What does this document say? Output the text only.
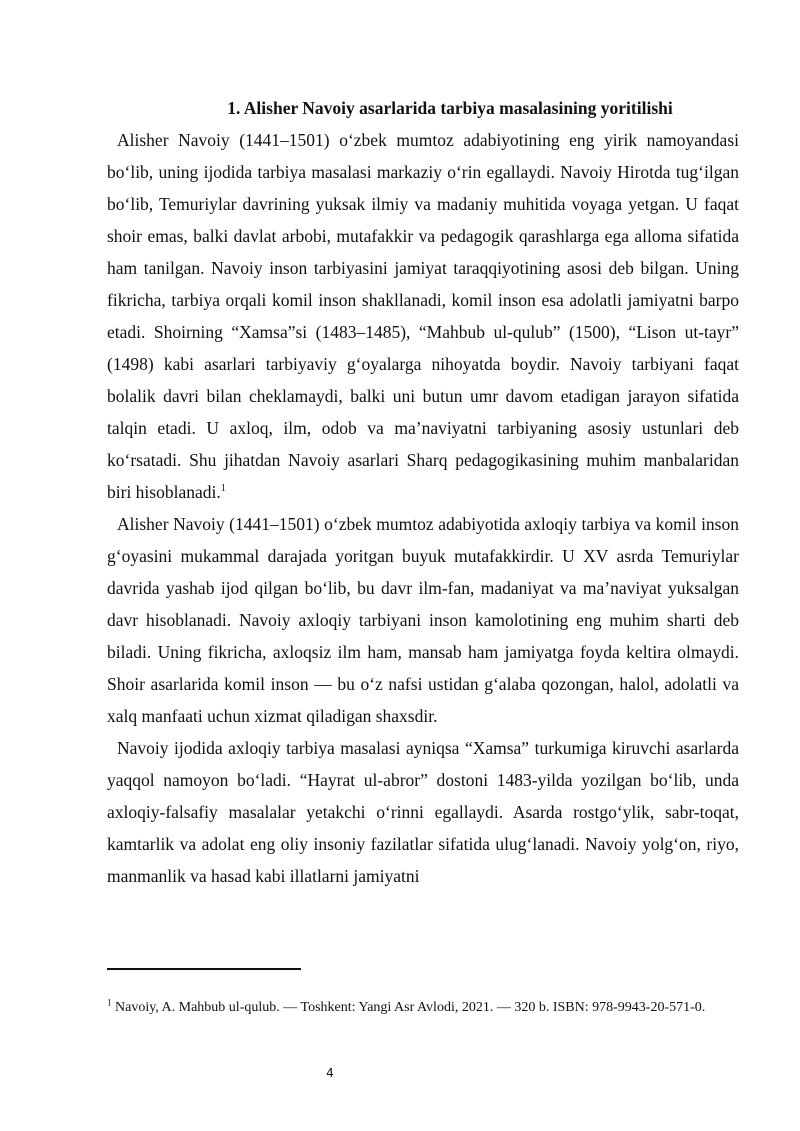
1. Alisher Navoiy asarlarida tarbiya masalasining yoritilishi

Alisher Navoiy (1441–1501) o‘zbek mumtoz adabiyotining eng yirik namoyandasi bo‘lib, uning ijodida tarbiya masalasi markaziy o‘rin egallaydi. Navoiy Hirotda tug‘ilgan bo‘lib, Temuriylar davrining yuksak ilmiy va madaniy muhitida voyaga yetgan. U faqat shoir emas, balki davlat arbobi, mutafakkir va pedagogik qarashlarga ega alloma sifatida ham tanilgan. Navoiy inson tarbiyasini jamiyat taraqqiyotining asosi deb bilgan. Uning fikricha, tarbiya orqali komil inson shakllanadi, komil inson esa adolatli jamiyatni barpo etadi. Shoirning “Xamsa”si (1483–1485), “Mahbub ul-qulub” (1500), “Lison ut-tayr” (1498) kabi asarlari tarbiyaviy g‘oyalarga nihoyatda boydir. Navoiy tarbiyani faqat bolalik davri bilan cheklamaydi, balki uni butun umr davom etadigan jarayon sifatida talqin etadi. U axloq, ilm, odob va ma’naviyatni tarbiyaning asosiy ustunlari deb ko‘rsatadi. Shu jihatdan Navoiy asarlari Sharq pedagogikasining muhim manbalaridan biri hisoblanadi.$^1$

Alisher Navoiy (1441–1501) o‘zbek mumtoz adabiyotida axloqiy tarbiya va komil inson g‘oyasini mukammal darajada yoritgan buyuk mutafakkirdir. U XV asrda Temuriylar davrida yashab ijod qilgan bo‘lib, bu davr ilm-fan, madaniyat va ma’naviyat yuksalgan davr hisoblanadi. Navoiy axloqiy tarbiyani inson kamolotining eng muhim sharti deb biladi. Uning fikricha, axloqsiz ilm ham, mansab ham jamiyatga foyda keltira olmaydi. Shoir asarlarida komil inson — bu o‘z nafsi ustidan g‘alaba qozongan, halol, adolatli va xalq manfaati uchun xizmat qiladigan shaxsdir.

Navoiy ijodida axloqiy tarbiya masalasi ayniqsa “Xamsa” turkumiga kiruvchi asarlarda yaqqol namoyon bo‘ladi. “Hayrat ul-abror” dostoni 1483-yilda yozilgan bo‘lib, unda axloqiy-falsafiy masalalar yetakchi o‘rinni egallaydi. Asarda rostgo‘ylik, sabr-toqat, kamtarlik va adolat eng oliy insoniy fazilatlar sifatida ulug‘lanadi. Navoiy yolg‘on, riyo, manmanlik va hasad kabi illatlarni jamiyatni

$^1$ Navoiy, A. Mahbub ul-qulub. — Toshkent: Yangi Asr Avlodi, 2021. — 320 b. ISBN: 978-9943-20-571-0.

4
